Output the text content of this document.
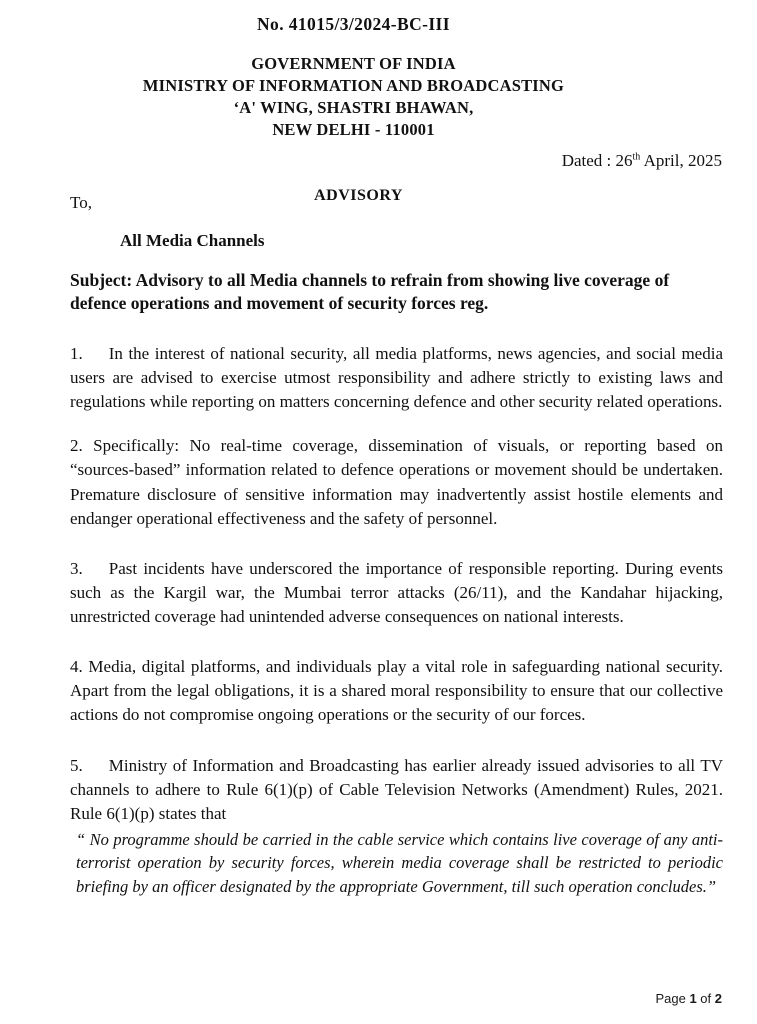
No. 41015/3/2024-BC-III
GOVERNMENT OF INDIA
MINISTRY OF INFORMATION AND BROADCASTING
‘A' WING, SHASTRI BHAWAN,
NEW DELHI - 110001
Dated : 26th April, 2025
ADVISORY

To,

All Media Channels

Subject: Advisory to all Media channels to refrain from showing live coverage of defence operations and movement of security forces reg.

1. In the interest of national security, all media platforms, news agencies, and social media users are advised to exercise utmost responsibility and adhere strictly to existing laws and regulations while reporting on matters concerning defence and other security related operations.

2. Specifically: No real-time coverage, dissemination of visuals, or reporting based on “sources-based” information related to defence operations or movement should be undertaken. Premature disclosure of sensitive information may inadvertently assist hostile elements and endanger operational effectiveness and the safety of personnel.

3. Past incidents have underscored the importance of responsible reporting. During events such as the Kargil war, the Mumbai terror attacks (26/11), and the Kandahar hijacking, unrestricted coverage had unintended adverse consequences on national interests.

4. Media, digital platforms, and individuals play a vital role in safeguarding national security. Apart from the legal obligations, it is a shared moral responsibility to ensure that our collective actions do not compromise ongoing operations or the security of our forces.

5. Ministry of Information and Broadcasting has earlier already issued advisories to all TV channels to adhere to Rule 6(1)(p) of Cable Television Networks (Amendment) Rules, 2021. Rule 6(1)(p) states that

“ No programme should be carried in the cable service which contains live coverage of any anti-terrorist operation by security forces, wherein media coverage shall be restricted to periodic briefing by an officer designated by the appropriate Government, till such operation concludes.”

Page 1 of 2
